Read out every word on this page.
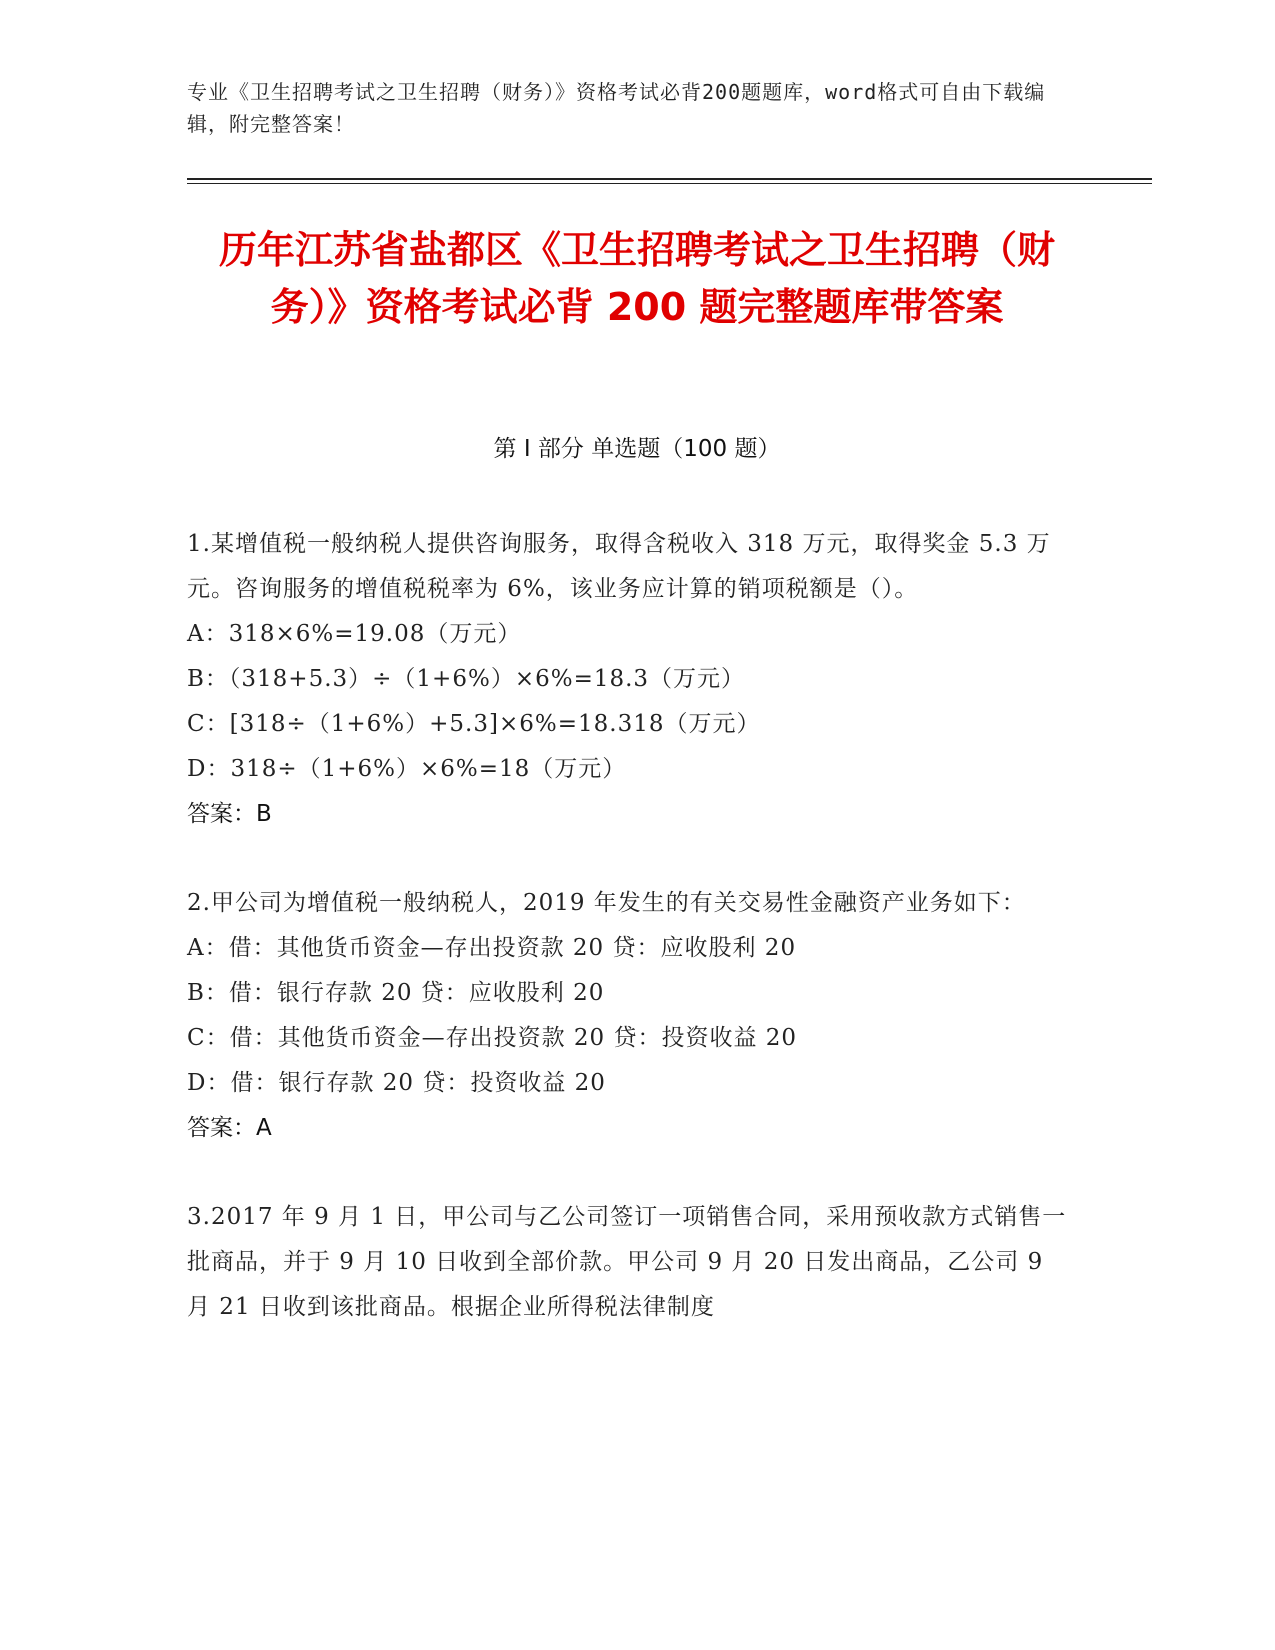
专业《卫生招聘考试之卫生招聘（财务）》资格考试必背200题题库，word格式可自由下载编辑，附完整答案！
历年江苏省盐都区《卫生招聘考试之卫生招聘（财务）》资格考试必背 200 题完整题库带答案
第 I 部分 单选题（100 题）

1.某增值税一般纳税人提供咨询服务，取得含税收入 318 万元，取得奖金 5.3 万元。咨询服务的增值税税率为 6%，该业务应计算的销项税额是（）。

A：318×6%=19.08（万元）

B：（318+5.3）÷（1+6%）×6%=18.3（万元）

C：[318÷（1+6%）+5.3]×6%=18.318（万元）

D：318÷（1+6%）×6%=18（万元）

答案：B

2.甲公司为增值税一般纳税人，2019 年发生的有关交易性金融资产业务如下：

A：借：其他货币资金—存出投资款 20 贷：应收股利 20

B：借：银行存款 20 贷：应收股利 20

C：借：其他货币资金—存出投资款 20 贷：投资收益 20

D：借：银行存款 20 贷：投资收益 20

答案：A

3.2017 年 9 月 1 日，甲公司与乙公司签订一项销售合同，采用预收款方式销售一批商品，并于 9 月 10 日收到全部价款。甲公司 9 月 20 日发出商品，乙公司 9 月 21 日收到该批商品。根据企业所得税法律制度
